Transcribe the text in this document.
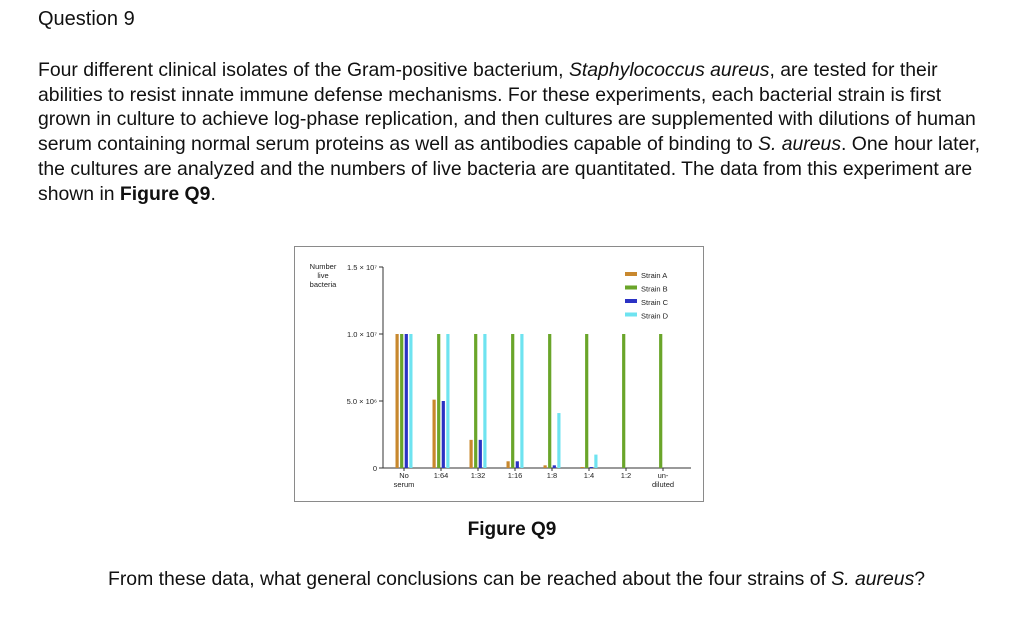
Question 9

Four different clinical isolates of the Gram-positive bacterium, Staphylococcus aureus, are tested for their abilities to resist innate immune defense mechanisms. For these experiments, each bacterial strain is first grown in culture to achieve log-phase replication, and then cultures are supplemented with dilutions of human serum containing normal serum proteins as well as antibodies capable of binding to S. aureus. One hour later, the cultures are analyzed and the numbers of live bacteria are quantitated. The data from this experiment are shown in Figure Q9.

Number
live
bacteria
0
5.0 × 10⁶
1.0 × 10⁷
1.5 × 10⁷
No
serum
1:64	1:32	1:16	1:8	1:4	1:2	un-
diluted
Strain A
Strain B
Strain C
Strain D

Figure Q9

From these data, what general conclusions can be reached about the four strains of S. aureus?
